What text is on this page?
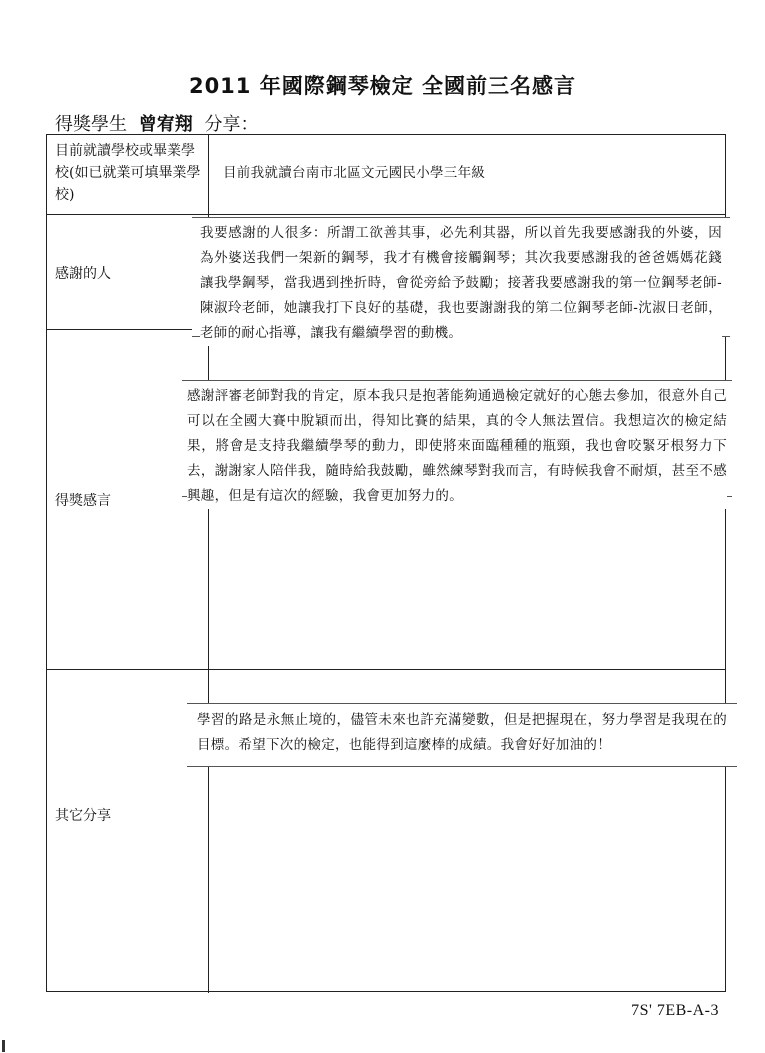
2011 年國際鋼琴檢定 全國前三名感言
得獎學生 曾宥翔 分享：
目前就讀學校或畢業學校(如已就業可填畢業學校)
目前我就讀台南市北區文元國民小學三年級
感謝的人
得獎感言
其它分享
我要感謝的人很多：所謂工欲善其事，必先利其器，所以首先我要感謝我的外婆，因為外婆送我們一架新的鋼琴，我才有機會接觸鋼琴；其次我要感謝我的爸爸媽媽花錢讓我學鋼琴，當我遇到挫折時，會從旁給予鼓勵；接著我要感謝我的第一位鋼琴老師-陳淑玲老師，她讓我打下良好的基礎，我也要謝謝我的第二位鋼琴老師-沈淑日老師，老師的耐心指導，讓我有繼續學習的動機。
感謝評審老師對我的肯定，原本我只是抱著能夠通過檢定就好的心態去參加，很意外自己可以在全國大賽中脫穎而出，得知比賽的結果，真的令人無法置信。我想這次的檢定結果，將會是支持我繼續學琴的動力，即使將來面臨種種的瓶頸，我也會咬緊牙根努力下去，謝謝家人陪伴我，隨時給我鼓勵，雖然練琴對我而言，有時候我會不耐煩，甚至不感興趣，但是有這次的經驗，我會更加努力的。
學習的路是永無止境的，儘管未來也許充滿變數，但是把握現在，努力學習是我現在的目標。希望下次的檢定，也能得到這麼棒的成績。我會好好加油的！
7S' 7EB-A-3
